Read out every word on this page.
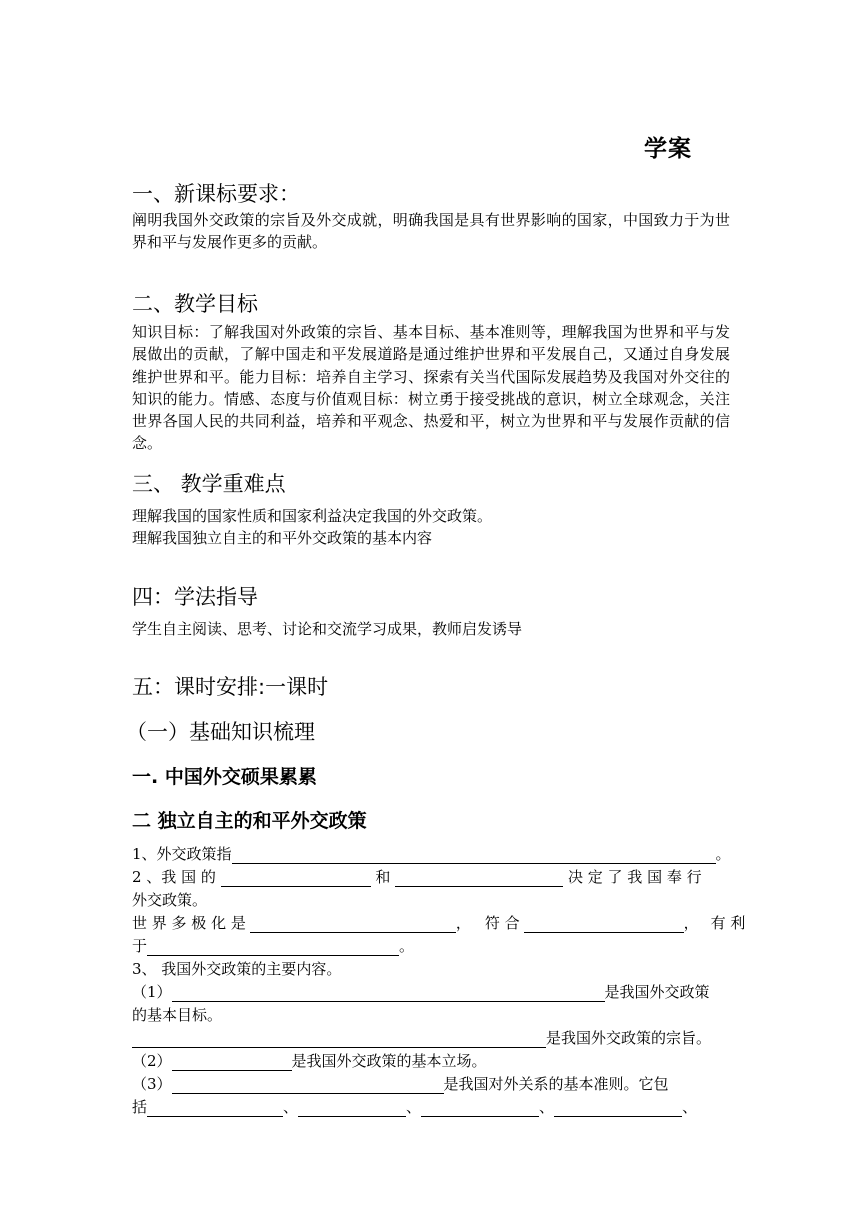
学案
一、新课标要求：
阐明我国外交政策的宗旨及外交成就，明确我国是具有世界影响的国家，中国致力于为世界和平与发展作更多的贡献。
二、教学目标
知识目标：了解我国对外政策的宗旨、基本目标、基本准则等，理解我国为世界和平与发展做出的贡献，了解中国走和平发展道路是通过维护世界和平发展自己，又通过自身发展维护世界和平。能力目标：培养自主学习、探索有关当代国际发展趋势及我国对外交往的知识的能力。情感、态度与价值观目标：树立勇于接受挑战的意识，树立全球观念，关注世界各国人民的共同利益，培养和平观念、热爱和平，树立为世界和平与发展作贡献的信念。
三、 教学重难点
理解我国的国家性质和国家利益决定我国的外交政策。
理解我国独立自主的和平外交政策的基本内容
四：学法指导
学生自主阅读、思考、讨论和交流学习成果，教师启发诱导
五：课时安排:一课时
（一）基础知识梳理
一. 中国外交硕果累累
二 独立自主的和平外交政策
1、外交政策指	。
2 、我 国 的	和	决 定 了 我 国 奉 行
外交政策。
世 界 多 极 化 是	， 符 合	， 有 利
于	。
3、 我国外交政策的主要内容。
（1）	是我国外交政策
的基本目标。
是我国外交政策的宗旨。
（2）	是我国外交政策的基本立场。
（3）	是我国对外关系的基本准则。它包
括	、	、	、	、
